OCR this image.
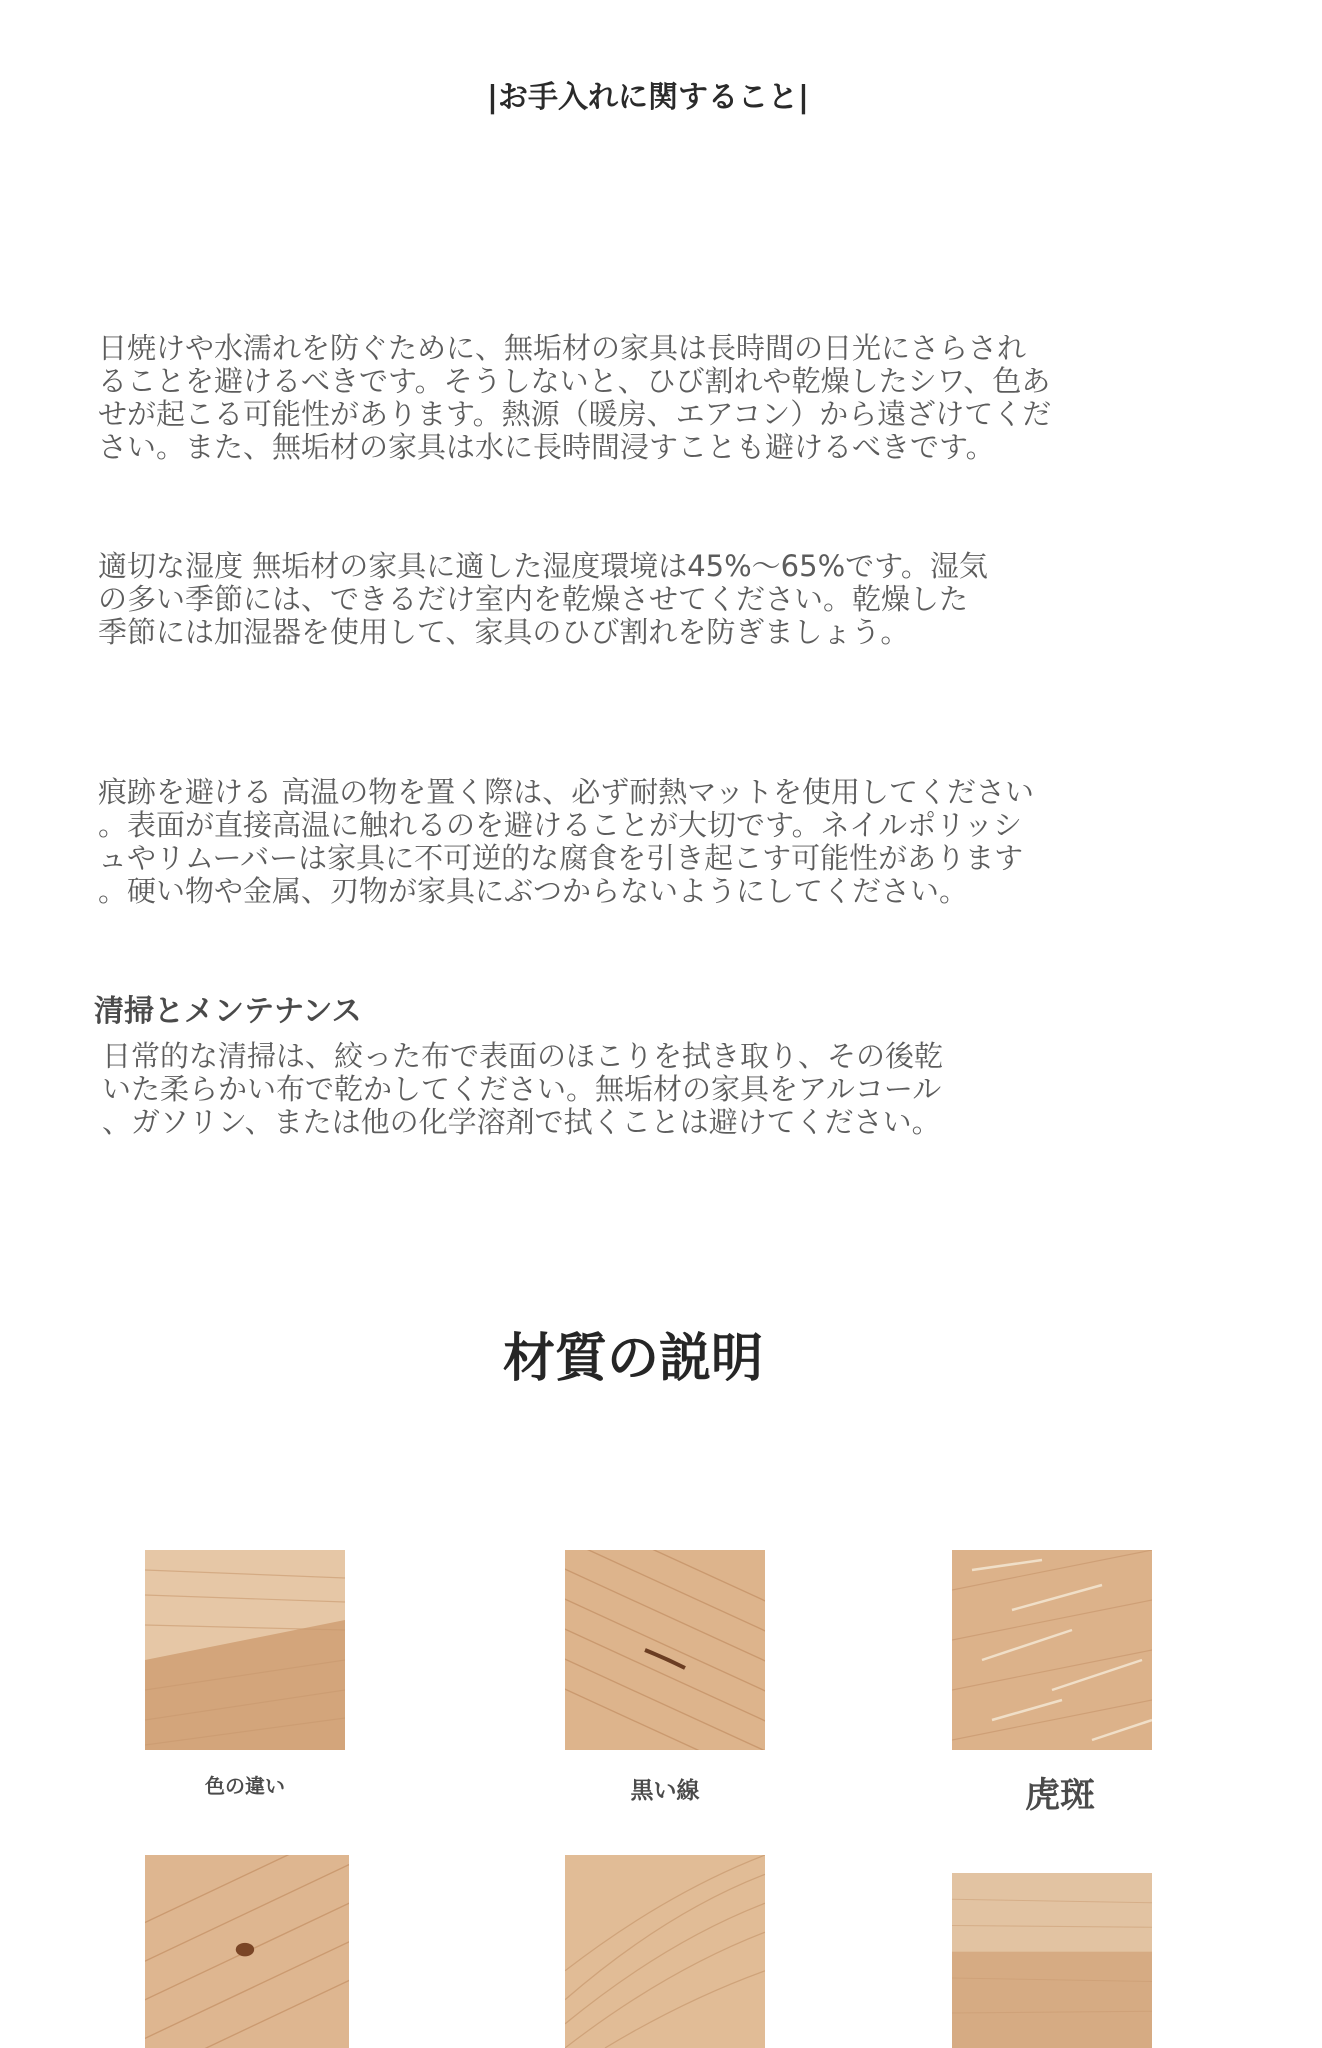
|お手入れに関すること|

日焼けや水濡れを防ぐために、無垢材の家具は長時間の日光にさらされ
ることを避けるべきです。そうしないと、ひび割れや乾燥したシワ、色あ
せが起こる可能性があります。熱源（暖房、エアコン）から遠ざけてくだ
さい。また、無垢材の家具は水に長時間浸すことも避けるべきです。

適切な湿度 無垢材の家具に適した湿度環境は45%～65%です。湿気
の多い季節には、できるだけ室内を乾燥させてください。乾燥した
季節には加湿器を使用して、家具のひび割れを防ぎましょう。

痕跡を避ける 高温の物を置く際は、必ず耐熱マットを使用してください
。表面が直接高温に触れるのを避けることが大切です。ネイルポリッシ
ュやリムーバーは家具に不可逆的な腐食を引き起こす可能性があります
。硬い物や金属、刃物が家具にぶつからないようにしてください。

清掃とメンテナンス

日常的な清掃は、絞った布で表面のほこりを拭き取り、その後乾
いた柔らかい布で乾かしてください。無垢材の家具をアルコール
、ガソリン、または他の化学溶剤で拭くことは避けてください。

材質の説明
色の違い	黒い線	虎斑
